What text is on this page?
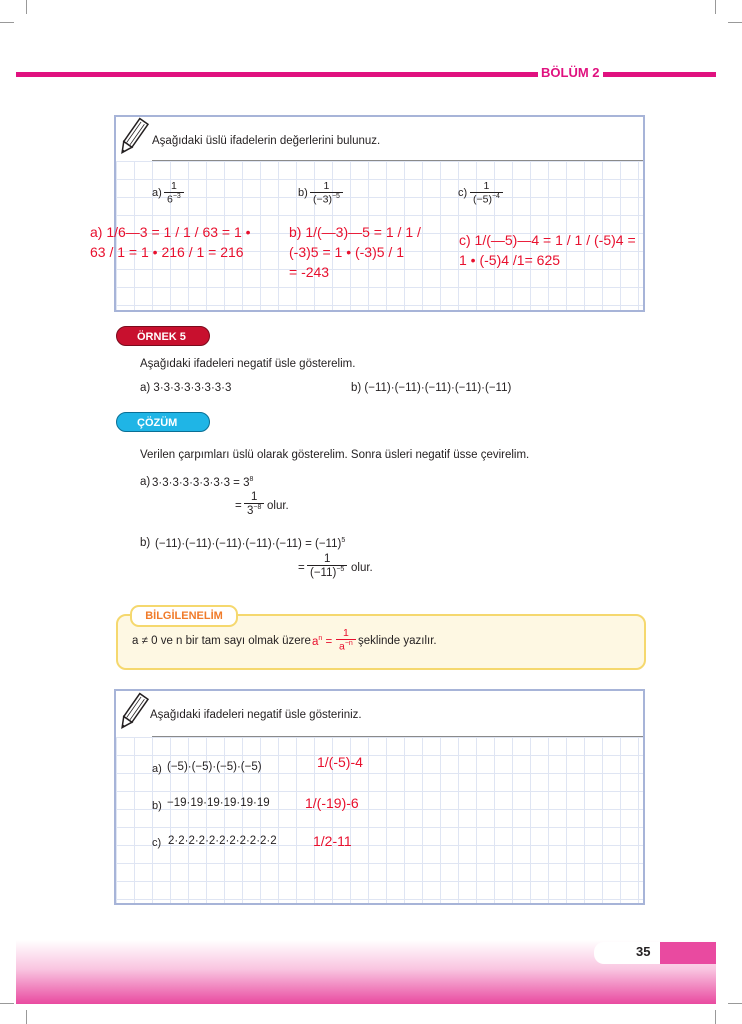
BÖLÜM 2
Aşağıdaki üslü ifadelerin değerlerini bulunuz.
$a) \frac{1}{6^{-3}}$	$b) \frac{1}{(-3)^{-5}}$	$c) \frac{1}{(-5)^{-4}}$
a) 1/6—3 = 1 / 1 / 63 = 1 •
63 / 1 = 1 • 216 / 1 = 216
b) 1/(—3)—5 = 1 / 1 /
(-3)5 = 1 • (-3)5 / 1
= -243
c) 1/(—5)—4 = 1 / 1 / (-5)4 =
1 • (-5)4 /1= 625
ÖRNEK 5
Aşağıdaki ifadeleri negatif üsle gösterelim.
a) 3·3·3·3·3·3·3·3	b) (−11)·(−11)·(−11)·(−11)·(−11)
ÇÖZÜM
Verilen çarpımları üslü olarak gösterelim. Sonra üsleri negatif üsse çevirelim.
a) $3\cdot 3\cdot 3\cdot 3\cdot 3\cdot 3\cdot 3\cdot 3 = 3^8$
= $\frac{1}{3^{-8}}$ olur.
b) $(-11)\cdot(-11)\cdot(-11)\cdot(-11)\cdot(-11) = (-11)^5$
= $\frac{1}{(-11)^{-5}}$ olur.
BİLGİLENELİM
a ≠ 0 ve n bir tam sayı olmak üzere $a^n = \frac{1}{a^{-n}}$ şeklinde yazılır.
Aşağıdaki ifadeleri negatif üsle gösteriniz.
a) (−5)·(−5)·(−5)·(−5)	1/(-5)-4
b) −19·19·19·19·19·19	1/(-19)-6
c) 2·2·2·2·2·2·2·2·2·2·2	1/2-11
35
